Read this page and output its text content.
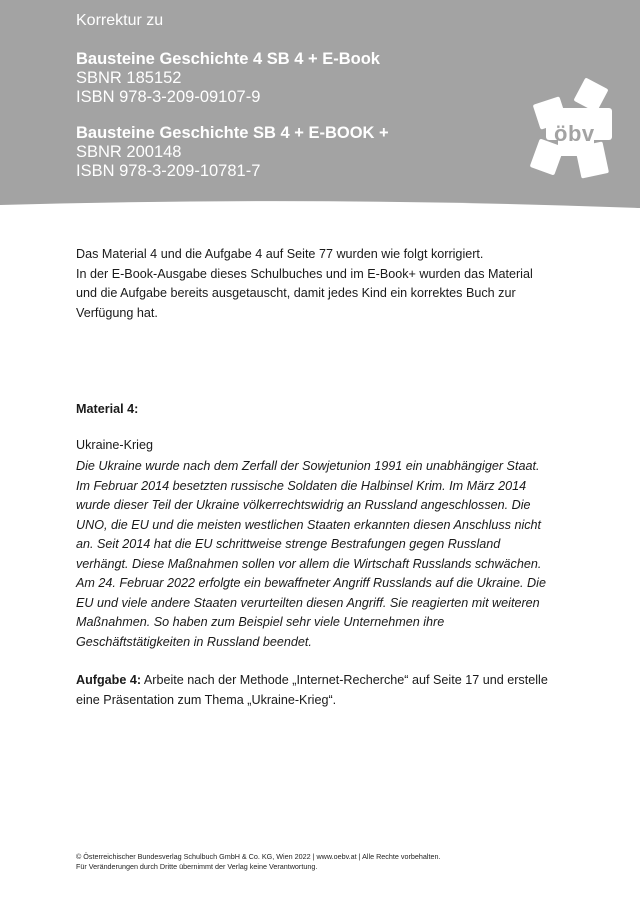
Korrektur zu
Bausteine Geschichte 4 SB 4 + E-Book
SBNR 185152
ISBN 978-3-209-09107-9
Bausteine Geschichte SB 4 + E-BOOK +
SBNR 200148
ISBN 978-3-209-10781-7
öbv

Das Material 4 und die Aufgabe 4 auf Seite 77 wurden wie folgt korrigiert.

In der E-Book-Ausgabe dieses Schulbuches und im E-Book+ wurden das Material

und die Aufgabe bereits ausgetauscht, damit jedes Kind ein korrektes Buch zur

Verfügung hat.

Material 4:
Ukraine-Krieg

Die Ukraine wurde nach dem Zerfall der Sowjetunion 1991 ein unabhängiger Staat.

Im Februar 2014 besetzten russische Soldaten die Halbinsel Krim. Im März 2014

wurde dieser Teil der Ukraine völkerrechtswidrig an Russland angeschlossen. Die

UNO, die EU und die meisten westlichen Staaten erkannten diesen Anschluss nicht

an. Seit 2014 hat die EU schrittweise strenge Bestrafungen gegen Russland

verhängt. Diese Maßnahmen sollen vor allem die Wirtschaft Russlands schwächen.

Am 24. Februar 2022 erfolgte ein bewaffneter Angriff Russlands auf die Ukraine. Die

EU und viele andere Staaten verurteilten diesen Angriff. Sie reagierten mit weiteren

Maßnahmen. So haben zum Beispiel sehr viele Unternehmen ihre

Geschäftstätigkeiten in Russland beendet.

Aufgabe 4: Arbeite nach der Methode „Internet-Recherche“ auf Seite 17 und erstelle
eine Präsentation zum Thema „Ukraine-Krieg“.

© Österreichischer Bundesverlag Schulbuch GmbH & Co. KG, Wien 2022 | www.oebv.at | Alle Rechte vorbehalten.

Für Veränderungen durch Dritte übernimmt der Verlag keine Verantwortung.
